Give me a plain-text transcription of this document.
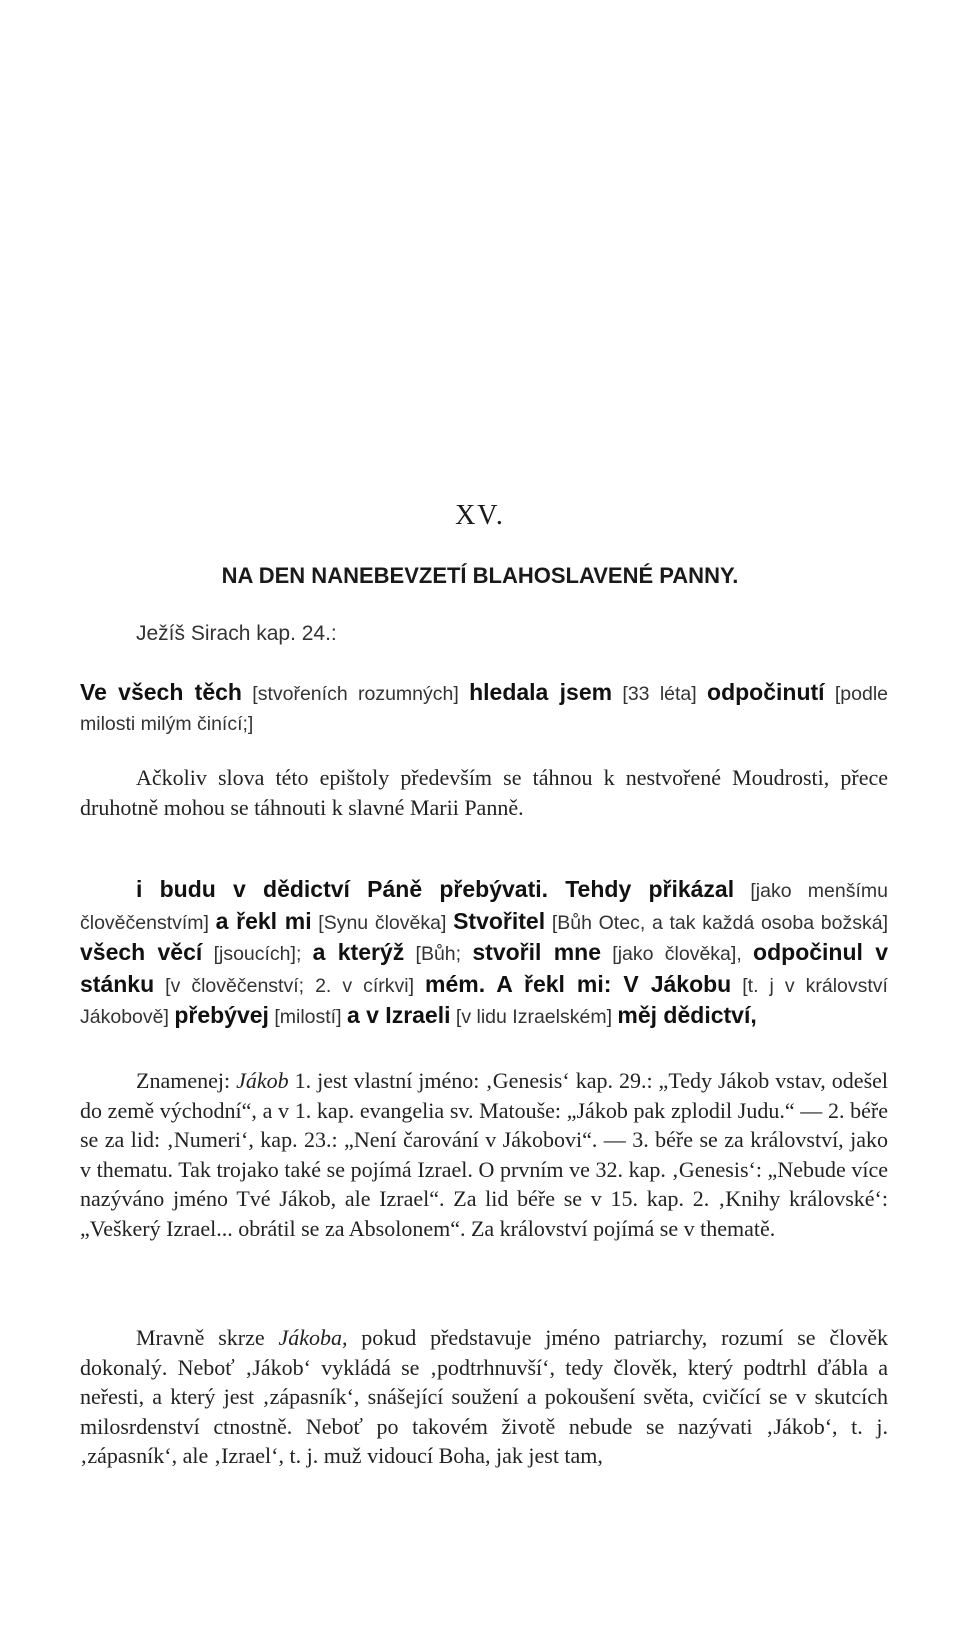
XV.

NA DEN NANEBEVZETÍ BLAHOSLAVENÉ PANNY.

Ježíš Sirach kap. 24.:

Ve všech těch [stvořeních rozumných] hledala jsem [33 léta] odpočinutí [podle milosti milým činící;]

Ačkoliv slova této epištoly především se táhnou k nestvořené Moudrosti, přece druhotně mohou se táhnouti k slavné Marii Panně.

i budu v dědictví Páně přebývati. Tehdy přikázal [jako menšímu člověčenstvím] a řekl mi [Synu člověka] Stvořitel [Bůh Otec, a tak každá osoba božská] všech věcí [jsoucích]; a kterýž [Bůh; stvořil mne [jako člověka], odpočinul v stánku [v člověčenství; 2. v církvi] mém. A řekl mi: V Jákobu [t. j v království Jákobově] přebývej [milostí] a v Izraeli [v lidu Izraelském] měj dědictví,

Znamenej: Jákob 1. jest vlastní jméno: ‚Genesis‘ kap. 29.: „Tedy Jákob vstav, odešel do země východní“, a v 1. kap. evangelia sv. Matouše: „Jákob pak zplodil Judu.“ — 2. béře se za lid: ‚Numeri‘, kap. 23.: „Není čarování v Jákobovi“. — 3. béře se za království, jako v thematu. Tak trojako také se pojímá Izrael. O prvním ve 32. kap. ‚Genesis‘: „Nebude více nazýváno jméno Tvé Jákob, ale Izrael“. Za lid béře se v 15. kap. 2. ‚Knihy královské‘: „Veškerý Izrael... obrátil se za Absolonem“. Za království pojímá se v thematě.

Mravně skrze Jákoba, pokud představuje jméno patriarchy, rozumí se člověk dokonalý. Neboť ‚Jákob‘ vykládá se ‚podtrhnuvší‘, tedy člověk, který podtrhl ďábla a neřesti, a který jest ‚zápasník‘, snášející soužení a pokoušení světa, cvičící se v skutcích milosrdenství ctnostně. Neboť po takovém životě nebude se nazývati ‚Jákob‘, t. j. ‚zápasník‘, ale ‚Izrael‘, t. j. muž vidoucí Boha, jak jest tam,
